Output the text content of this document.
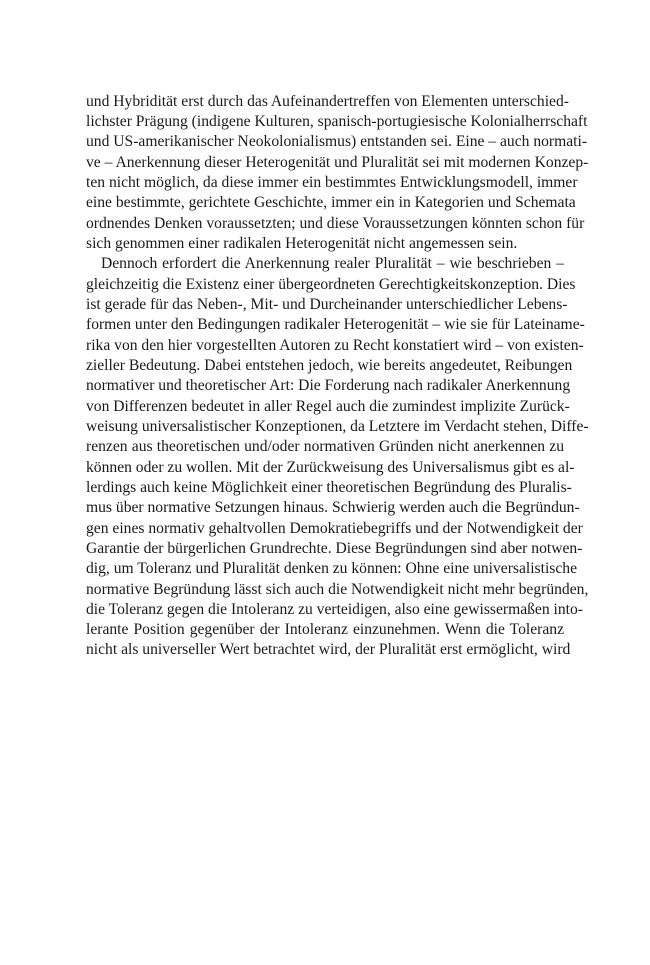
und Hybridität erst durch das Aufeinandertreffen von Elementen unterschied-
lichster Prägung (indigene Kulturen, spanisch-portugiesische Kolonialherrschaft
und US-amerikanischer Neokolonialismus) entstanden sei. Eine – auch normati-
ve – Anerkennung dieser Heterogenität und Pluralität sei mit modernen Konzep-
ten nicht möglich, da diese immer ein bestimmtes Entwicklungsmodell, immer
eine bestimmte, gerichtete Geschichte, immer ein in Kategorien und Schemata
ordnendes Denken voraussetzten; und diese Voraussetzungen könnten schon für
sich genommen einer radikalen Heterogenität nicht angemessen sein.
Dennoch erfordert die Anerkennung realer Pluralität – wie beschrieben –
gleichzeitig die Existenz einer übergeordneten Gerechtigkeitskonzeption. Dies
ist gerade für das Neben-, Mit- und Durcheinander unterschiedlicher Lebens-
formen unter den Bedingungen radikaler Heterogenität – wie sie für Lateiname-
rika von den hier vorgestellten Autoren zu Recht konstatiert wird – von existen-
zieller Bedeutung. Dabei entstehen jedoch, wie bereits angedeutet, Reibungen
normativer und theoretischer Art: Die Forderung nach radikaler Anerkennung
von Differenzen bedeutet in aller Regel auch die zumindest implizite Zurück-
weisung universalistischer Konzeptionen, da Letztere im Verdacht stehen, Diffe-
renzen aus theoretischen und/oder normativen Gründen nicht anerkennen zu
können oder zu wollen. Mit der Zurückweisung des Universalismus gibt es al-
lerdings auch keine Möglichkeit einer theoretischen Begründung des Pluralis-
mus über normative Setzungen hinaus. Schwierig werden auch die Begründun-
gen eines normativ gehaltvollen Demokratiebegriffs und der Notwendigkeit der
Garantie der bürgerlichen Grundrechte. Diese Begründungen sind aber notwen-
dig, um Toleranz und Pluralität denken zu können: Ohne eine universalistische
normative Begründung lässt sich auch die Notwendigkeit nicht mehr begründen,
die Toleranz gegen die Intoleranz zu verteidigen, also eine gewissermaßen into-
lerante Position gegenüber der Intoleranz einzunehmen. Wenn die Toleranz
nicht als universeller Wert betrachtet wird, der Pluralität erst ermöglicht, wird
